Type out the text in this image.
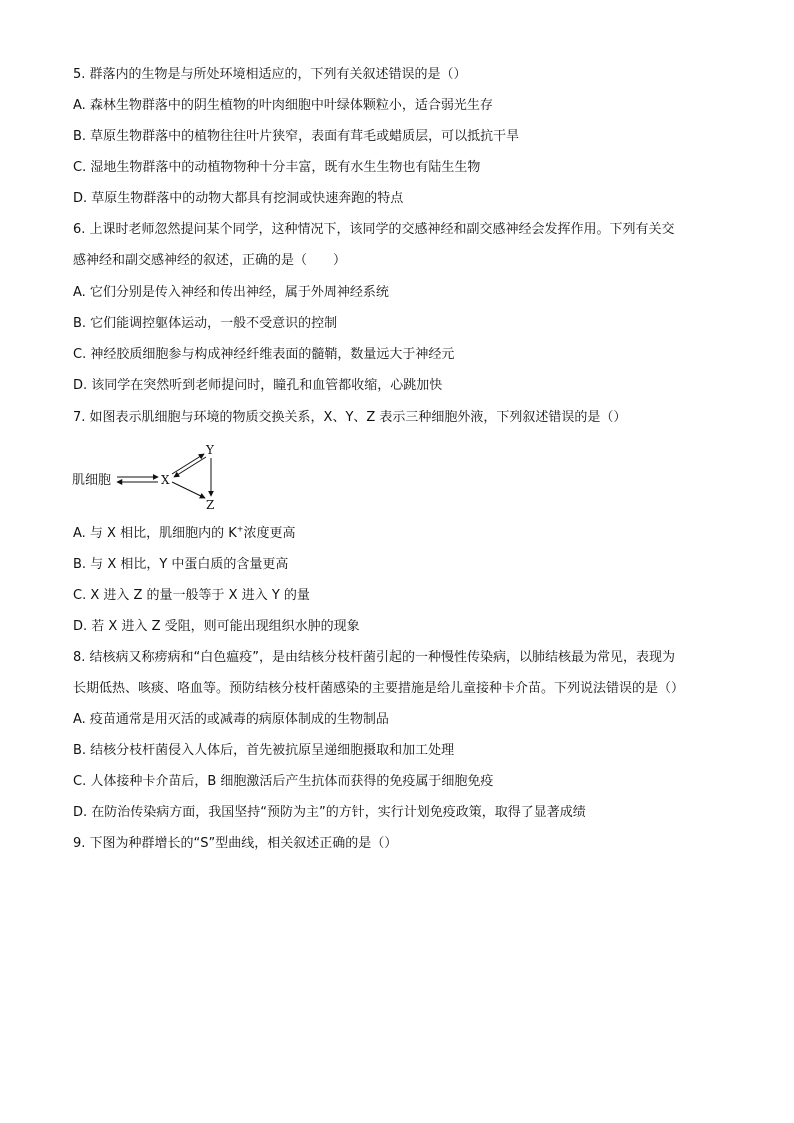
5. 群落内的生物是与所处环境相适应的，下列有关叙述错误的是（）
A. 森林生物群落中的阴生植物的叶肉细胞中叶绿体颗粒小，适合弱光生存
B. 草原生物群落中的植物往往叶片狭窄，表面有茸毛或蜡质层，可以抵抗干旱
C. 湿地生物群落中的动植物物种十分丰富，既有水生生物也有陆生生物
D. 草原生物群落中的动物大都具有挖洞或快速奔跑的特点
6. 上课时老师忽然提问某个同学，这种情况下，该同学的交感神经和副交感神经会发挥作用。下列有关交
感神经和副交感神经的叙述，正确的是（　　）
A. 它们分别是传入神经和传出神经，属于外周神经系统
B. 它们能调控躯体运动，一般不受意识的控制
C. 神经胶质细胞参与构成神经纤维表面的髓鞘，数量远大于神经元
D. 该同学在突然听到老师提问时，瞳孔和血管都收缩，心跳加快
7. 如图表示肌细胞与环境的物质交换关系，X、Y、Z 表示三种细胞外液，下列叙述错误的是（）
肌细胞	X
Y
Z
A. 与 X 相比，肌细胞内的 K+浓度更高
B. 与 X 相比，Y 中蛋白质的含量更高
C. X 进入 Z 的量一般等于 X 进入 Y 的量
D. 若 X 进入 Z 受阻，则可能出现组织水肿的现象
8. 结核病又称痨病和“白色瘟疫”，是由结核分枝杆菌引起的一种慢性传染病，以肺结核最为常见，表现为
长期低热、咳痰、咯血等。预防结核分枝杆菌感染的主要措施是给儿童接种卡介苗。下列说法错误的是（）
A. 疫苗通常是用灭活的或减毒的病原体制成的生物制品
B. 结核分枝杆菌侵入人体后，首先被抗原呈递细胞摄取和加工处理
C. 人体接种卡介苗后，B 细胞激活后产生抗体而获得的免疫属于细胞免疫
D. 在防治传染病方面，我国坚持“预防为主”的方针，实行计划免疫政策，取得了显著成绩
9. 下图为种群增长的“S”型曲线，相关叙述正确的是（）
